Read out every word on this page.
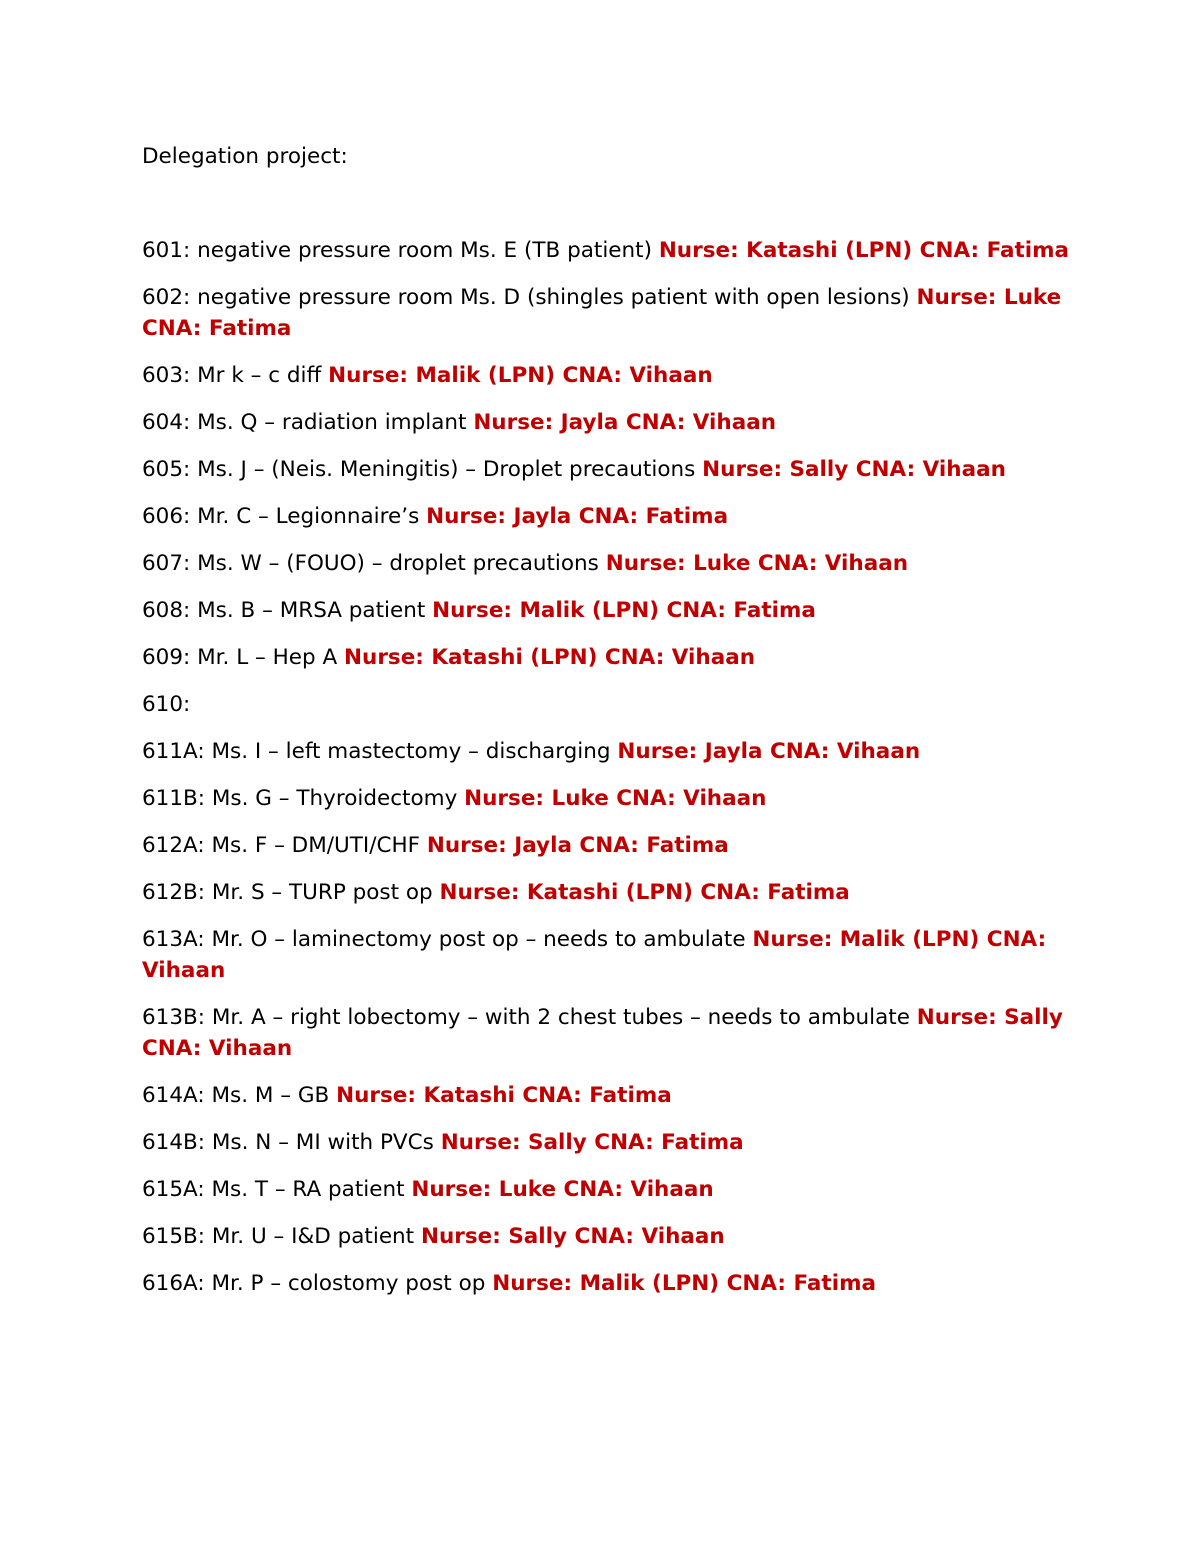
Delegation project:

601: negative pressure room Ms. E (TB patient) Nurse: Katashi (LPN) CNA: Fatima

602: negative pressure room Ms. D (shingles patient with open lesions) Nurse: Luke CNA: Fatima

603: Mr k – c diff Nurse: Malik (LPN) CNA: Vihaan

604: Ms. Q – radiation implant Nurse: Jayla CNA: Vihaan

605: Ms. J – (Neis. Meningitis) – Droplet precautions Nurse: Sally CNA: Vihaan

606: Mr. C – Legionnaire’s Nurse: Jayla CNA: Fatima

607: Ms. W – (FOUO) – droplet precautions Nurse: Luke CNA: Vihaan

608: Ms. B – MRSA patient Nurse: Malik (LPN) CNA: Fatima

609: Mr. L – Hep A Nurse: Katashi (LPN) CNA: Vihaan

610:

611A: Ms. I – left mastectomy – discharging Nurse: Jayla CNA: Vihaan

611B: Ms. G – Thyroidectomy Nurse: Luke CNA: Vihaan

612A: Ms. F – DM/UTI/CHF Nurse: Jayla CNA: Fatima

612B: Mr. S – TURP post op Nurse: Katashi (LPN) CNA: Fatima

613A: Mr. O – laminectomy post op – needs to ambulate Nurse: Malik (LPN) CNA: Vihaan

613B: Mr. A – right lobectomy – with 2 chest tubes – needs to ambulate Nurse: Sally CNA: Vihaan

614A: Ms. M – GB Nurse: Katashi CNA: Fatima

614B: Ms. N – MI with PVCs Nurse: Sally CNA: Fatima

615A: Ms. T – RA patient Nurse: Luke CNA: Vihaan

615B: Mr. U – I&D patient Nurse: Sally CNA: Vihaan

616A: Mr. P – colostomy post op Nurse: Malik (LPN) CNA: Fatima
